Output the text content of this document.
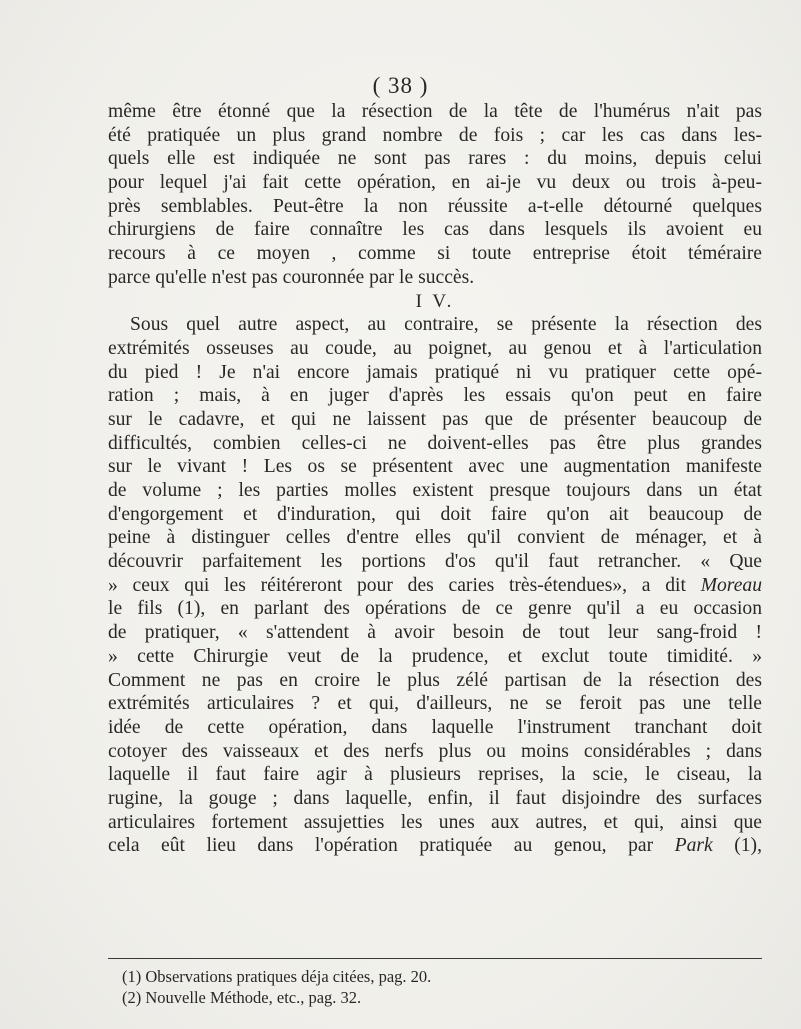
( 38 )
même être étonné que la résection de la tête de l'humérus n'ait pas
été pratiquée un plus grand nombre de fois ; car les cas dans les-
quels elle est indiquée ne sont pas rares : du moins, depuis celui
pour lequel j'ai fait cette opération, en ai-je vu deux ou trois à-peu-
près semblables. Peut-être la non réussite a-t-elle détourné quelques
chirurgiens de faire connaître les cas dans lesquels ils avoient eu
recours à ce moyen , comme si toute entreprise étoit téméraire
parce qu'elle n'est pas couronnée par le succès.
I V.
Sous quel autre aspect, au contraire, se présente la résection des
extrémités osseuses au coude, au poignet, au genou et à l'articulation
du pied ! Je n'ai encore jamais pratiqué ni vu pratiquer cette opé-
ration ; mais, à en juger d'après les essais qu'on peut en faire
sur le cadavre, et qui ne laissent pas que de présenter beaucoup de
difficultés, combien celles-ci ne doivent-elles pas être plus grandes
sur le vivant ! Les os se présentent avec une augmentation manifeste
de volume ; les parties molles existent presque toujours dans un état
d'engorgement et d'induration, qui doit faire qu'on ait beaucoup de
peine à distinguer celles d'entre elles qu'il convient de ménager, et à
découvrir parfaitement les portions d'os qu'il faut retrancher. « Que
» ceux qui les réitéreront pour des caries très-étendues», a dit Moreau
le fils (1), en parlant des opérations de ce genre qu'il a eu occasion
de pratiquer, « s'attendent à avoir besoin de tout leur sang-froid !
» cette Chirurgie veut de la prudence, et exclut toute timidité. »
Comment ne pas en croire le plus zélé partisan de la résection des
extrémités articulaires ? et qui, d'ailleurs, ne se feroit pas une telle
idée de cette opération, dans laquelle l'instrument tranchant doit
cotoyer des vaisseaux et des nerfs plus ou moins considérables ; dans
laquelle il faut faire agir à plusieurs reprises, la scie, le ciseau, la
rugine, la gouge ; dans laquelle, enfin, il faut disjoindre des surfaces
articulaires fortement assujetties les unes aux autres, et qui, ainsi que
cela eût lieu dans l'opération pratiquée au genou, par Park (1),
(1) Observations pratiques déja citées, pag. 20.
(2) Nouvelle Méthode, etc., pag. 32.
